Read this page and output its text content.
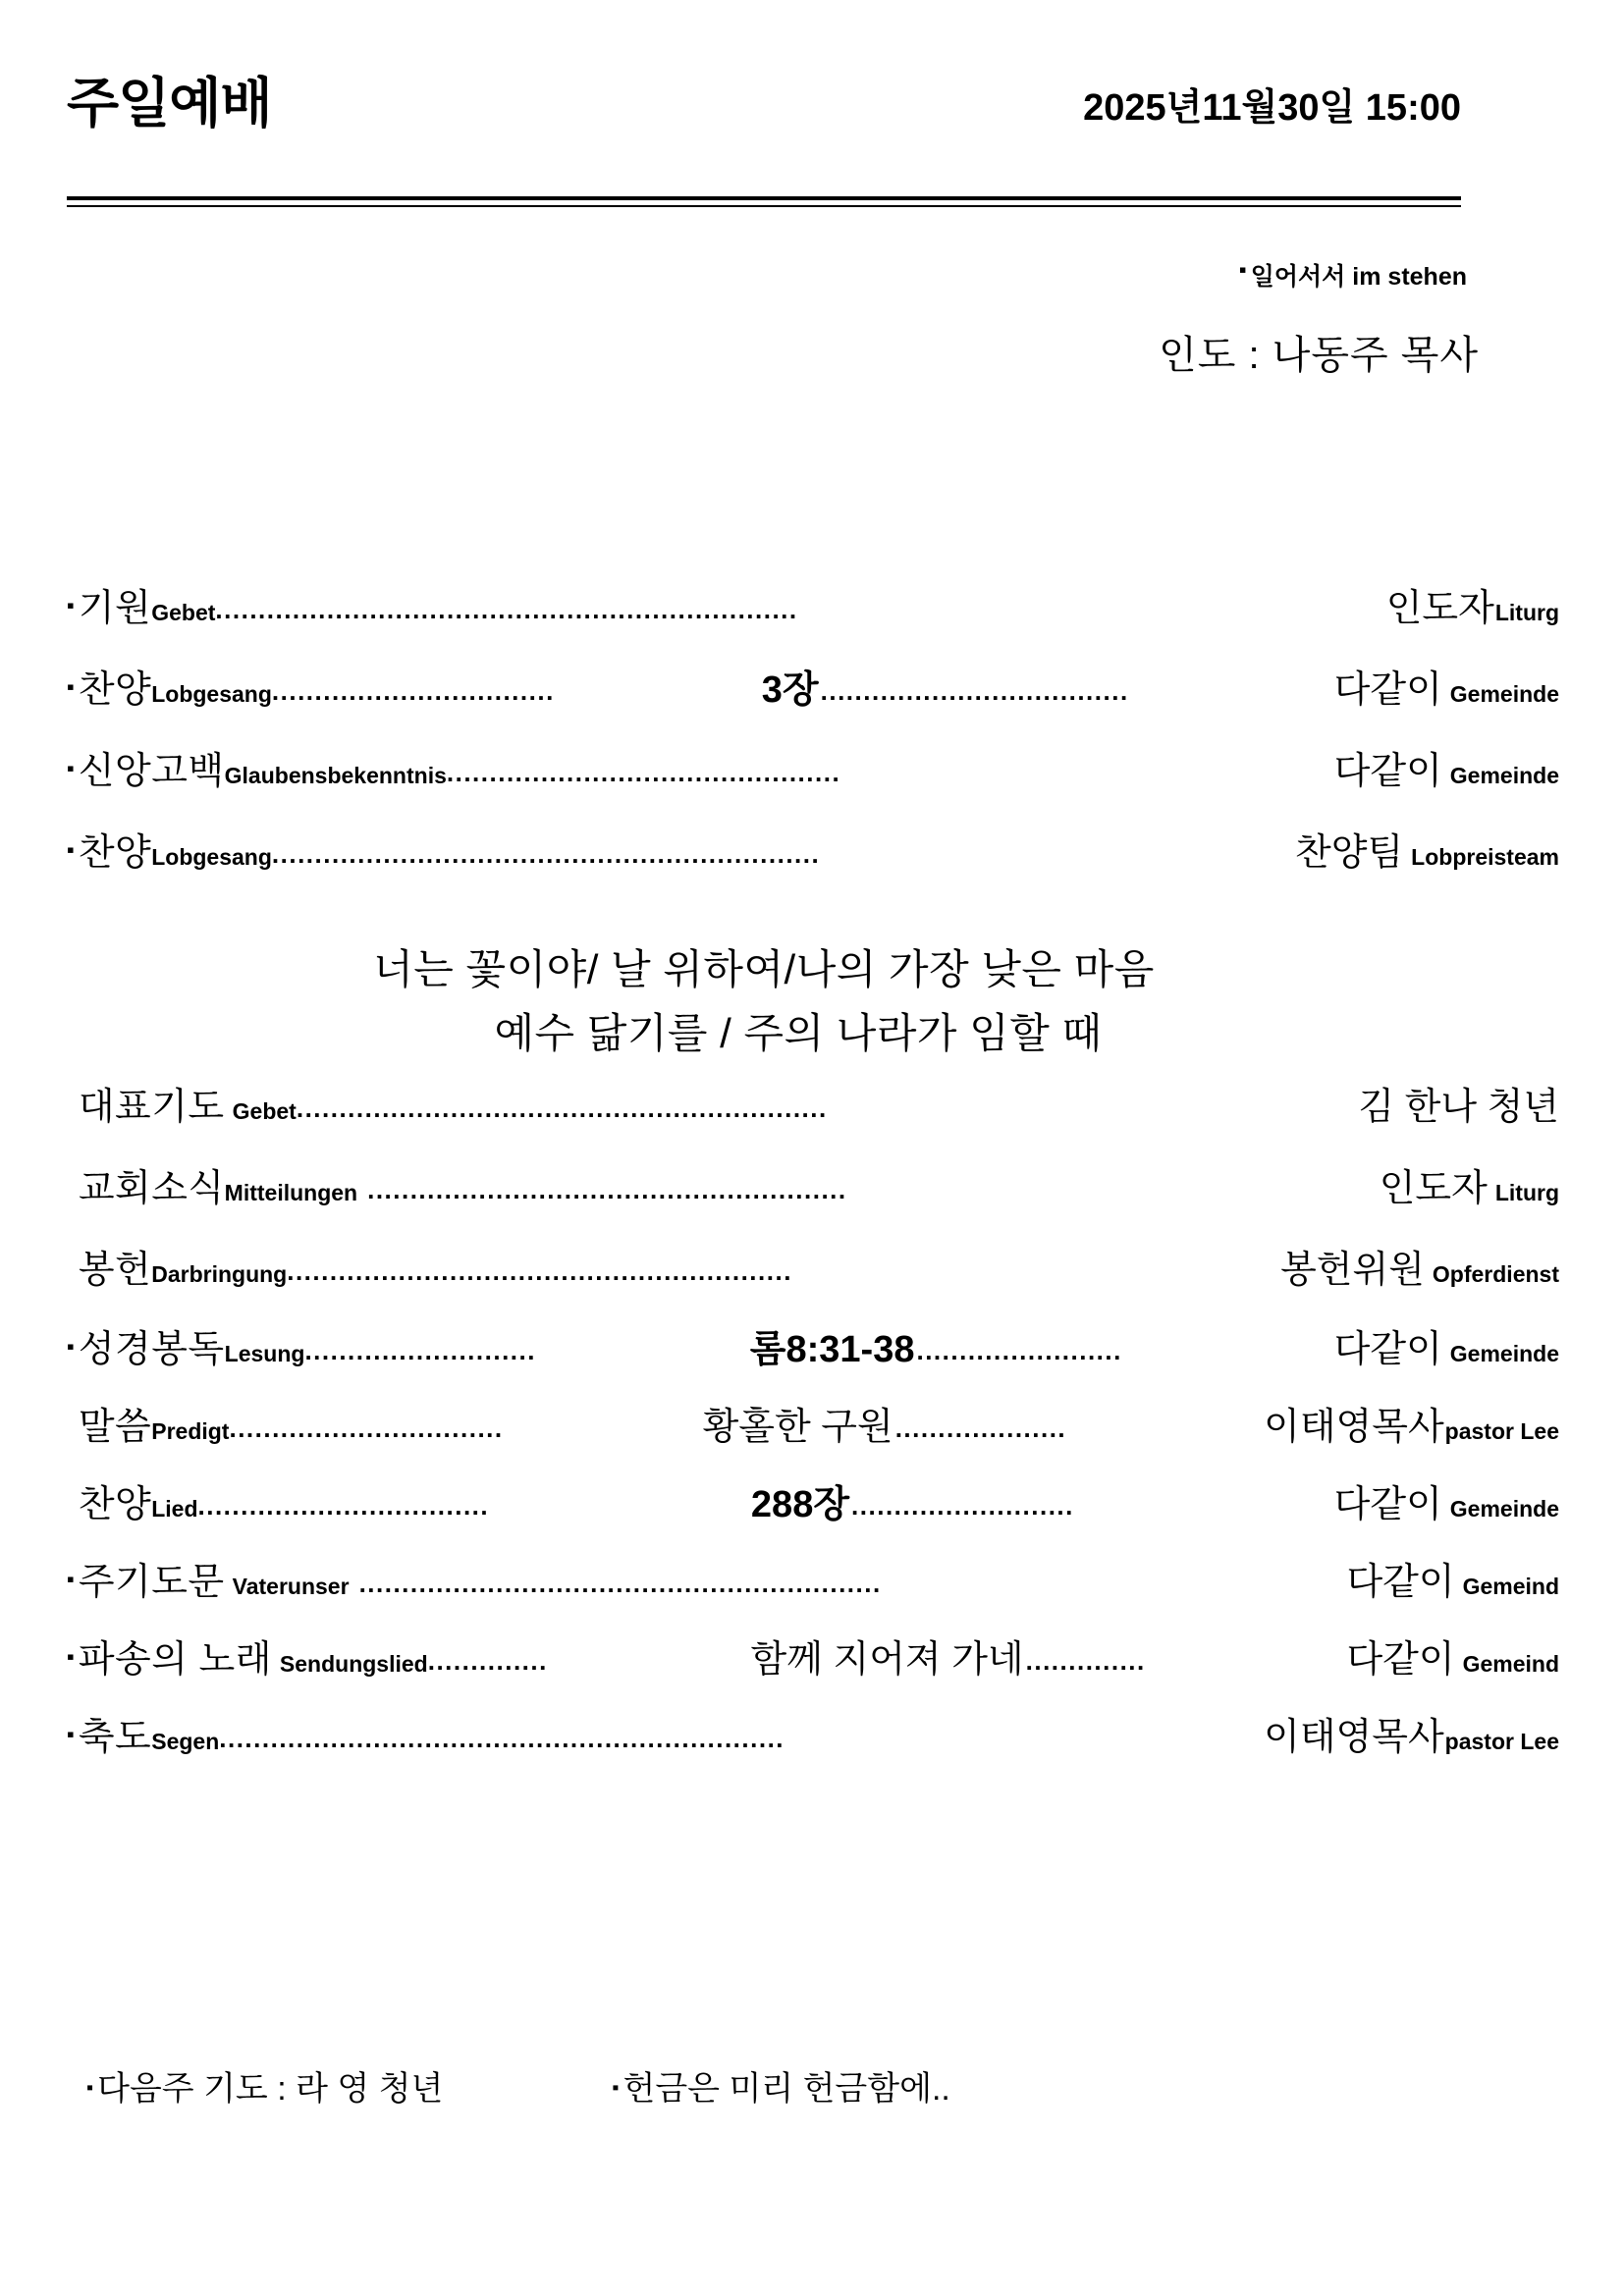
주일예배	2025년11월30일 15:00
▪ 일어서서 im stehen
인도 : 나동주 목사
▪ 기원 Gebet ....................................................................	인도자 Liturg
▪ 찬양 Lobgesang .................................	3장 ....................................	다같이 Gemeinde
▪ 신앙고백 Glaubensbekenntnis ..............................................	다같이 Gemeinde
▪ 찬양 Lobgesang ................................................................	찬양팀 Lobpreisteam
대표기도 Gebet ..............................................................	김 한나 청년
교회소식 Mitteilungen ........................................................	인도자 Liturg
봉헌 Darbringung ...........................................................	봉헌위원 Opferdienst
▪ 성경봉독 Lesung ...........................	롬8:31-38 ........................	다같이 Gemeinde
말씀 Predigt ................................	황홀한 구원 ....................	이태영목사 pastor Lee
찬양 Lied ..................................	288장 ..........................	다같이 Gemeinde
▪ 주기도문 Vaterunser .............................................................	다같이 Gemeind
▪ 파송의 노래 Sendungslied ..............	함께 지어져 가네 ..............	다같이 Gemeind
▪ 축도 Segen ..................................................................	이태영목사 pastor Lee
너는 꽃이야/ 날 위하여/나의 가장 낮은 마음
예수 닮기를 / 주의 나라가 임할 때
▪ 다음주 기도 : 라 영 청년	▪ 헌금은 미리 헌금함에..
